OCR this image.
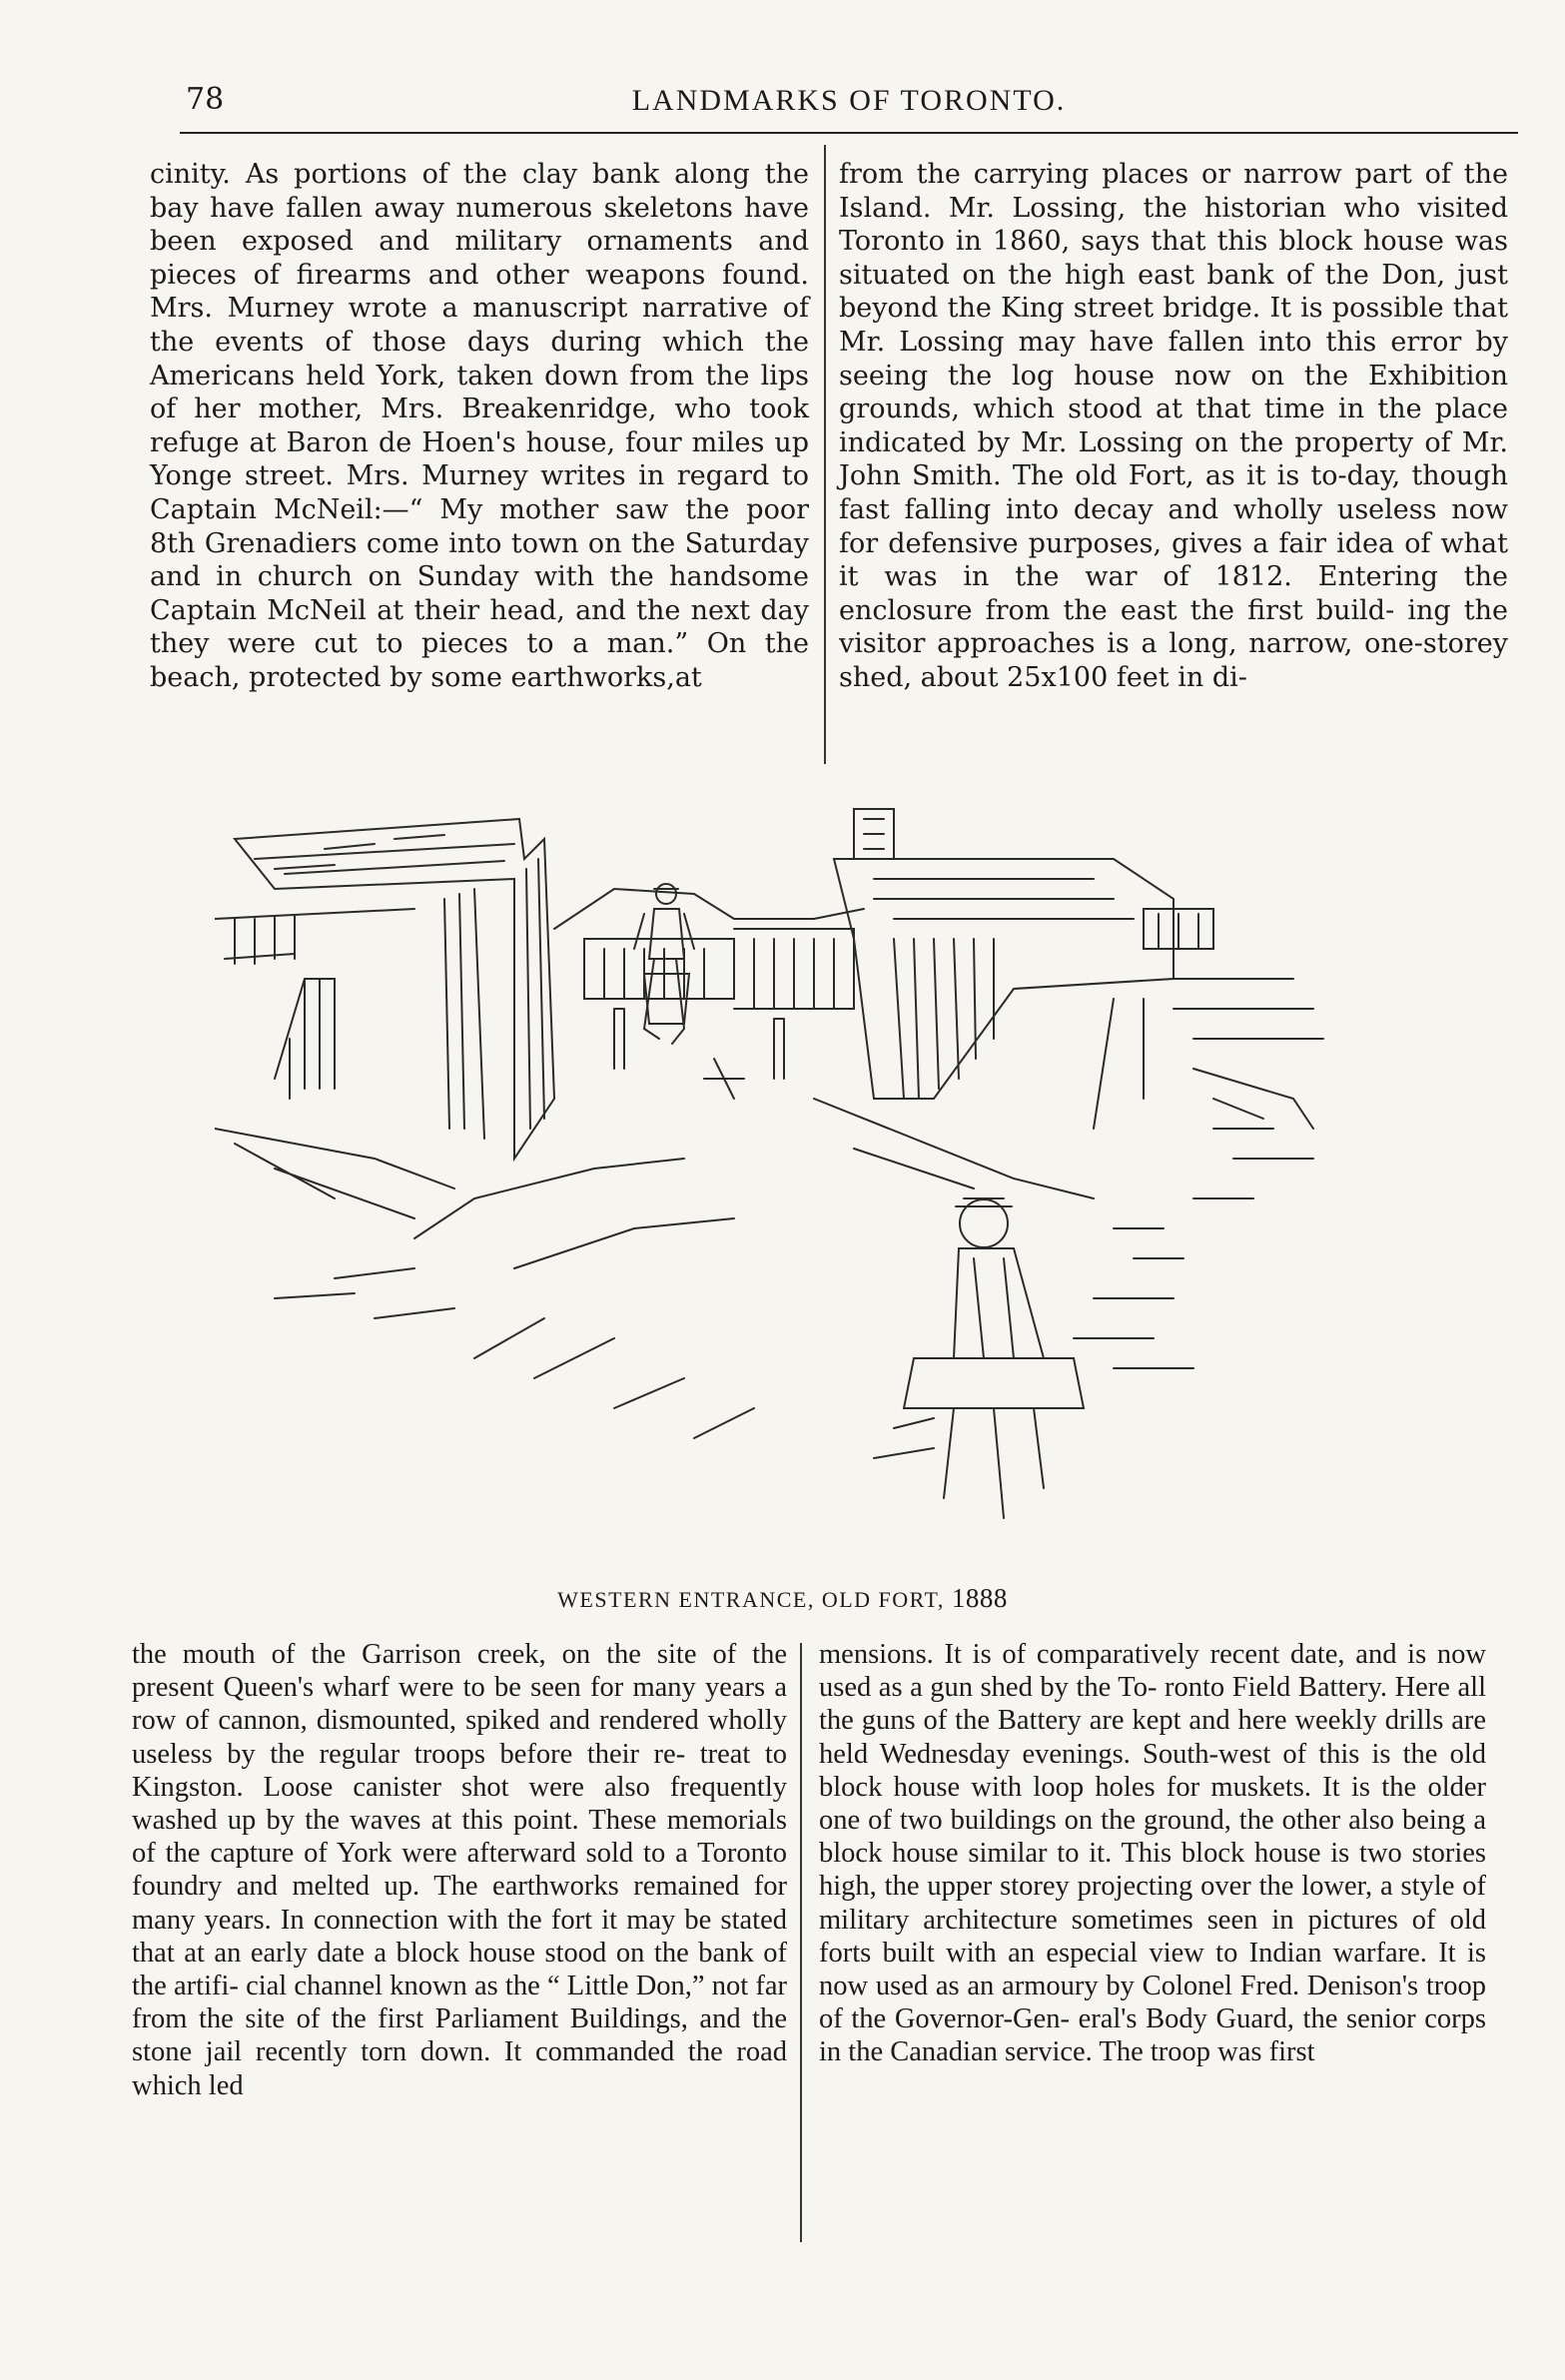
78	LANDMARKS OF TORONTO.

cinity. As portions of the clay bank along the bay have fallen away numerous skeletons have been exposed and military ornaments and pieces of firearms and other weapons found. Mrs. Murney wrote a manuscript narrative of the events of those days during which the Americans held York, taken down from the lips of her mother, Mrs. Breakenridge, who took refuge at Baron de Hoen's house, four miles up Yonge street. Mrs. Murney writes in regard to Captain McNeil:—“ My mother saw the poor 8th Grenadiers come into town on the Saturday and in church on Sunday with the handsome Captain McNeil at their head, and the next day they were cut to pieces to a man.” On the beach, protected by some earthworks,at

from the carrying places or narrow part of the Island. Mr. Lossing, the historian who visited Toronto in 1860, says that this block house was situated on the high east bank of the Don, just beyond the King street bridge. It is possible that Mr. Lossing may have fallen into this error by seeing the log house now on the Exhibition grounds, which stood at that time in the place indicated by Mr. Lossing on the property of Mr. John Smith. The old Fort, as it is to-day, though fast falling into decay and wholly useless now for defensive purposes, gives a fair idea of what it was in the war of 1812. Entering the enclosure from the east the first build- ing the visitor approaches is a long, narrow, one-storey shed, about 25x100 feet in di-

WESTERN ENTRANCE, OLD FORT, 1888

the mouth of the Garrison creek, on the site of the present Queen's wharf were to be seen for many years a row of cannon, dismounted, spiked and rendered wholly useless by the regular troops before their re- treat to Kingston. Loose canister shot were also frequently washed up by the waves at this point. These memorials of the capture of York were afterward sold to a Toronto foundry and melted up. The earthworks remained for many years. In connection with the fort it may be stated that at an early date a block house stood on the bank of the artifi- cial channel known as the “ Little Don,” not far from the site of the first Parliament Buildings, and the stone jail recently torn down. It commanded the road which led

mensions. It is of comparatively recent date, and is now used as a gun shed by the To- ronto Field Battery. Here all the guns of the Battery are kept and here weekly drills are held Wednesday evenings. South-west of this is the old block house with loop holes for muskets. It is the older one of two buildings on the ground, the other also being a block house similar to it. This block house is two stories high, the upper storey projecting over the lower, a style of military architecture sometimes seen in pictures of old forts built with an especial view to Indian warfare. It is now used as an armoury by Colonel Fred. Denison's troop of the Governor-Gen- eral's Body Guard, the senior corps in the Canadian service. The troop was first
